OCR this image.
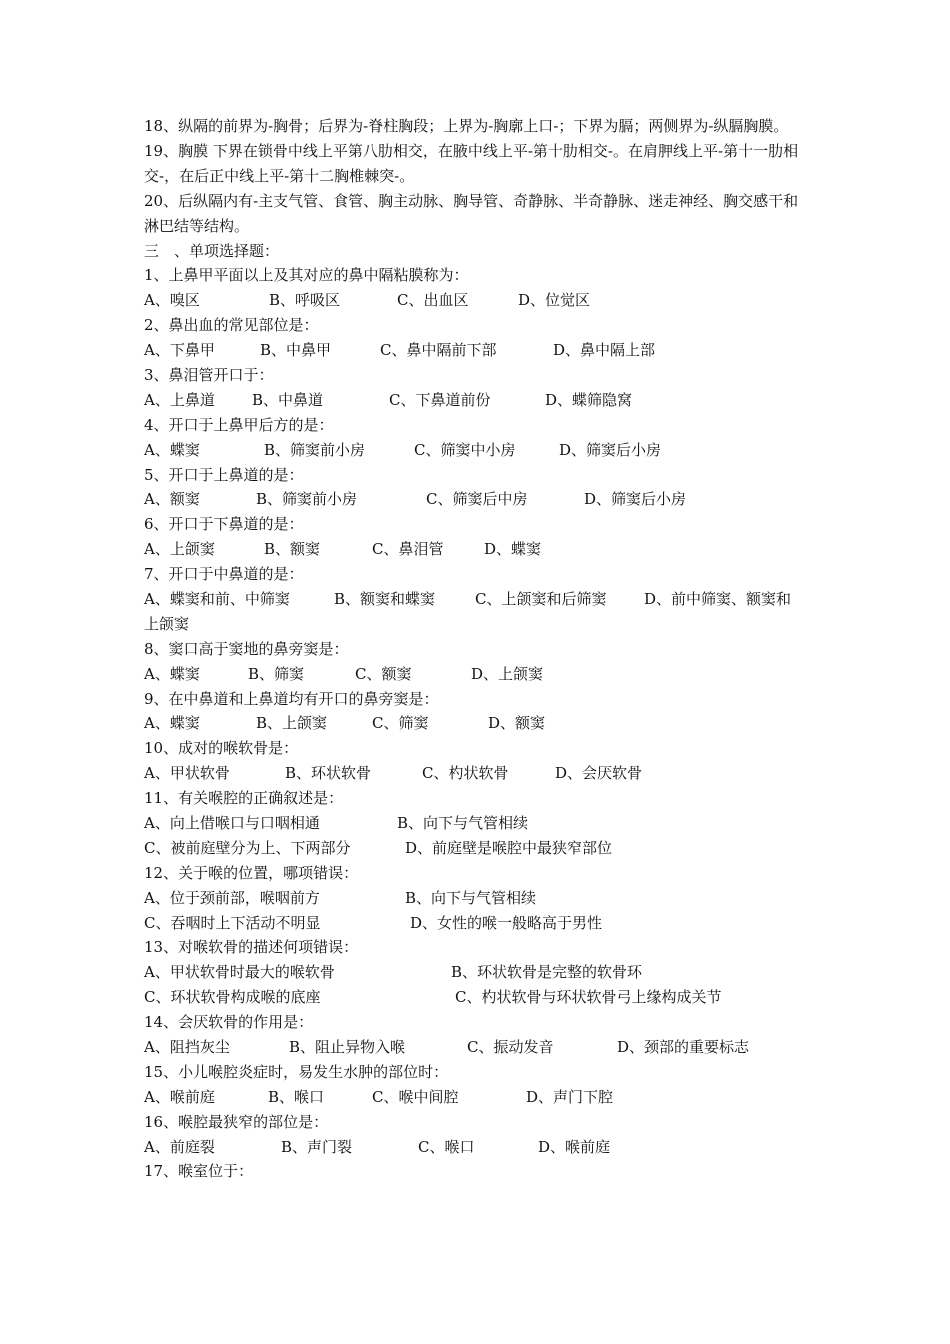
18、纵隔的前界为-胸骨；后界为-脊柱胸段；上界为-胸廓上口-；下界为膈；两侧界为-纵膈胸膜。
19、胸膜 下界在锁骨中线上平第八肋相交，在腋中线上平-第十肋相交-。在肩胛线上平-第十一肋相交-，在后正中线上平-第十二胸椎棘突-。
20、后纵隔内有-主支气管、食管、胸主动脉、胸导管、奇静脉、半奇静脉、迷走神经、胸交感干和淋巴结等结构。
三　、单项选择题：
1、上鼻甲平面以上及其对应的鼻中隔粘膜称为：
A、嗅区	B、呼吸区	C、出血区	D、位觉区
2、鼻出血的常见部位是：
A、下鼻甲	B、中鼻甲	C、鼻中隔前下部	D、鼻中隔上部
3、鼻泪管开口于：
A、上鼻道 B、中鼻道	C、下鼻道前份	D、蝶筛隐窝
4、开口于上鼻甲后方的是：
A、蝶窦	B、筛窦前小房	C、筛窦中小房	D、筛窦后小房
5、开口于上鼻道的是：
A、额窦	B、筛窦前小房	C、筛窦后中房	D、筛窦后小房
6、开口于下鼻道的是：
A、上颌窦	B、额窦	C、鼻泪管	D、蝶窦
7、开口于中鼻道的是：
A、蝶窦和前、中筛窦	B、额窦和蝶窦	C、上颌窦和后筛窦	D、前中筛窦、额窦和
上颌窦
8、窦口高于窦地的鼻旁窦是：
A、蝶窦	B、筛窦	C、额窦	D、上颌窦
9、在中鼻道和上鼻道均有开口的鼻旁窦是：
A、蝶窦	B、上颌窦	C、筛窦	D、额窦
10、成对的喉软骨是：
A、甲状软骨	B、环状软骨	C、杓状软骨	D、会厌软骨
11、有关喉腔的正确叙述是：
A、向上借喉口与口咽相通	B、向下与气管相续
C、被前庭壁分为上、下两部分	D、前庭壁是喉腔中最狭窄部位
12、关于喉的位置，哪项错误：
A、位于颈前部，喉咽前方	B、向下与气管相续
C、吞咽时上下活动不明显	D、女性的喉一般略高于男性
13、对喉软骨的描述何项错误：
A、甲状软骨时最大的喉软骨	B、环状软骨是完整的软骨环
C、环状软骨构成喉的底座	C、杓状软骨与环状软骨弓上缘构成关节
14、会厌软骨的作用是：
A、阻挡灰尘	B、阻止异物入喉	C、振动发音	D、颈部的重要标志
15、小儿喉腔炎症时，易发生水肿的部位时：
A、喉前庭	B、喉口	C、喉中间腔	D、声门下腔
16、喉腔最狭窄的部位是：
A、前庭裂	B、声门裂	C、喉口	D、喉前庭
17、喉室位于：
